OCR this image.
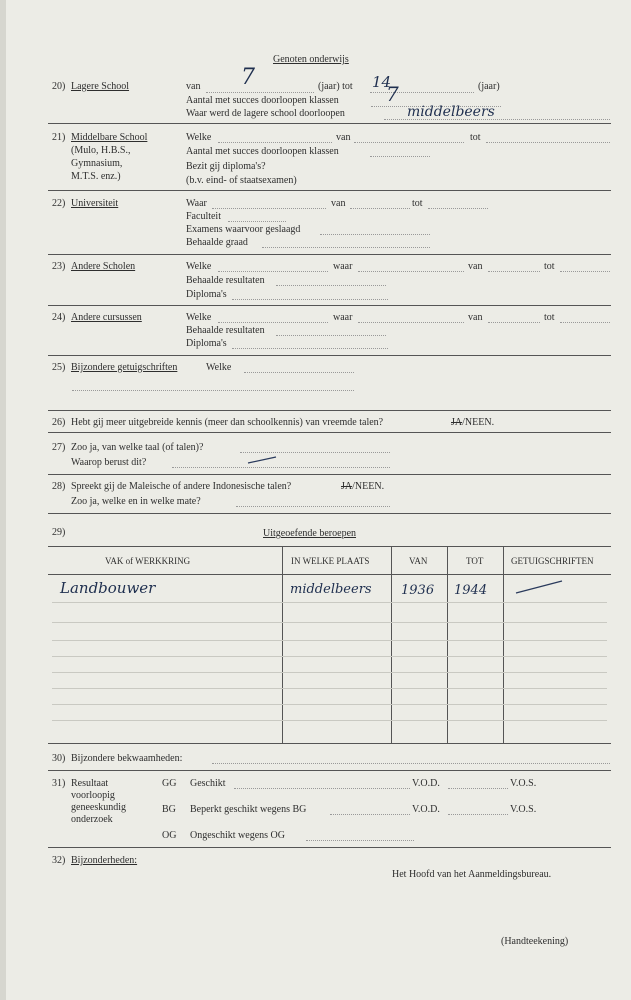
Genoten onderwijs
20) Lagere School	van 7	(jaar) tot 14	(jaar)
Aantal met succes doorloopen klassen 7
Waar werd de lagere school doorloopen	middelbeers
21) Middelbare School
(Mulo, H.B.S.,
Gymnasium,
M.T.S. enz.)
Welke	van	tot
Aantal met succes doorloopen klassen
Bezit gij diploma's?
(b.v. eind- of staatsexamen)
22) Universiteit	Waar	van	tot
Faculteit
Examens waarvoor geslaagd
Behaalde graad
23) Andere Scholen	Welke	waar	van	tot
Behaalde resultaten
Diploma's
24) Andere cursussen	Welke	waar	van	tot
Behaalde resultaten
Diploma's
25) Bijzondere getuigschriften	Welke
26) Hebt gij meer uitgebreide kennis (meer dan schoolkennis) van vreemde talen?	JA/NEEN.
27) Zoo ja, van welke taal (of talen)?
Waarop berust dit?
28) Spreekt gij de Maleische of andere Indonesische talen?	JA/NEEN.
Zoo ja, welke en in welke mate?
29)	Uitgeoefende beroepen
VAK of WERKKRING	IN WELKE PLAATS	VAN	TOT	GETUIGSCHRIFTEN
Landbouwer	middelbeers 1936 1944
30) Bijzondere bekwaamheden:
31) Resultaat
voorloopig
geneeskundig
onderzoek
GG Geschikt	V.O.D.	V.O.S.
BG Beperkt geschikt wegens BG	V.O.D.	V.O.S.
OG Ongeschikt wegens OG
32) Bijzonderheden:
Het Hoofd van het Aanmeldingsbureau.
(Handteekening)
